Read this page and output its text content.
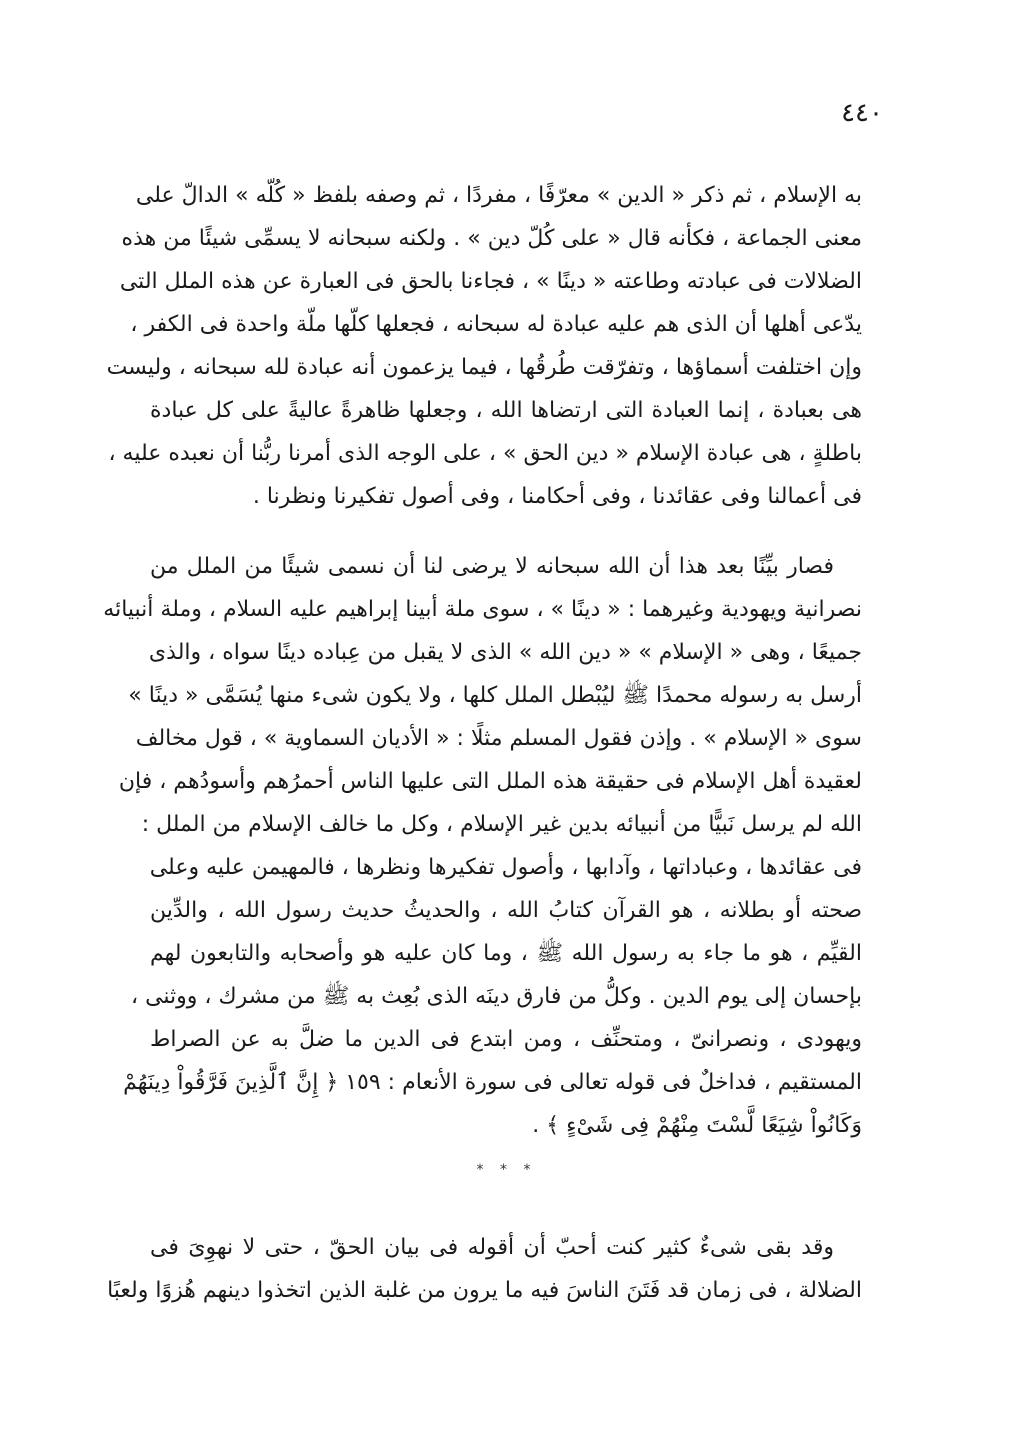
٤٤٠
به الإسلام ، ثم ذكر « الدين » معرّفًا ، مفردًا ، ثم وصفه بلفظ « كُلّه » الدالّ على
معنى الجماعة ، فكأنه قال « على كُلّ دين » . ولكنه سبحانه لا يسمِّى شيئًا من هذه
الضلالات فى عبادته وطاعته « دينًا » ، فجاءنا بالحق فى العبارة عن هذه الملل التى
يدّعى أهلها أن الذى هم عليه عبادة له سبحانه ، فجعلها كلّها ملّة واحدة فى الكفر ،
وإن اختلفت أسماؤها ، وتفرّقت طُرقُها ، فيما يزعمون أنه عبادة لله سبحانه ، وليست
هى بعبادة ، إنما العبادة التى ارتضاها الله ، وجعلها ظاهرةً عاليةً على كل عبادة
باطلةٍ ، هى عبادة الإسلام « دين الحق » ، على الوجه الذى أمرنا ربُّنا أن نعبده عليه ،
فى أعمالنا وفى عقائدنا ، وفى أحكامنا ، وفى أصول تفكيرنا ونظرنا .
فصار بيِّنًا بعد هذا أن الله سبحانه لا يرضى لنا أن نسمى شيئًا من الملل من
نصرانية ويهودية وغيرهما : « دينًا » ، سوى ملة أبينا إبراهيم عليه السلام ، وملة أنبيائه
جميعًا ، وهى « الإسلام » « دين الله » الذى لا يقبل من عِباده دينًا سواه ، والذى
أرسل به رسوله محمدًا ﷺ ليُبْطل الملل كلها ، ولا يكون شىء منها يُسَمَّى « دينًا »
سوى « الإسلام » . وإذن فقول المسلم مثلًا : « الأديان السماوية » ، قول مخالف
لعقيدة أهل الإسلام فى حقيقة هذه الملل التى عليها الناس أحمرُهم وأسودُهم ، فإن
الله لم يرسل نَبيًّا من أنبيائه بدين غير الإسلام ، وكل ما خالف الإسلام من الملل :
فى عقائدها ، وعباداتها ، وآدابها ، وأصول تفكيرها ونظرها ، فالمهيمن عليه وعلى
صحته أو بطلانه ، هو القرآن كتابُ الله ، والحديثُ حديث رسول الله ، والدِّين
القيِّم ، هو ما جاء به رسول الله ﷺ ، وما كان عليه هو وأصحابه والتابعون لهم
بإحسان إلى يوم الدين . وكلُّ من فارق دينَه الذى بُعِث به ﷺ من مشرك ، ووثنى ،
ويهودى ، ونصرانىّ ، ومتحنِّف ، ومن ابتدع فى الدين ما ضلَّ به عن الصراط
المستقيم ، فداخلٌ فى قوله تعالى فى سورة الأنعام : ١٥٩ ﴿ إِنَّ ٱلَّذِينَ فَرَّقُواْ دِينَهُمْ
وَكَانُواْ شِيَعًا لَّسْتَ مِنْهُمْ فِى شَىْءٍ ﴾ .
* * *
وقد بقى شىءٌ كثير كنت أحبّ أن أقوله فى بيان الحقّ ، حتى لا نهوِىَ فى
الضلالة ، فى زمان قد فَتَنَ الناسَ فيه ما يرون من غلبة الذين اتخذوا دينهم هُزوًا ولعبًا
